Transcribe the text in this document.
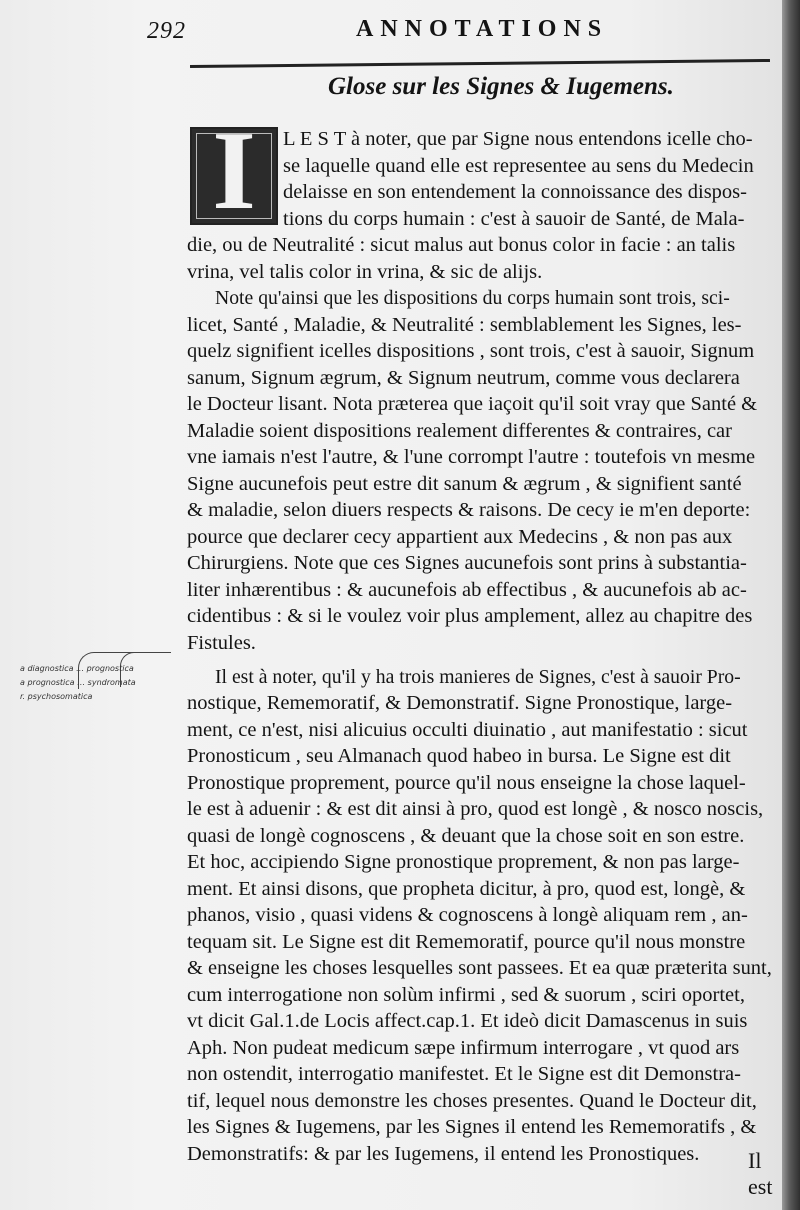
292	ANNOTATIONS
Glose sur les Signes & Iugemens.
I	L E S T à noter, que par Signe nous entendons icelle cho-
se laquelle quand elle est representee au sens du Medecin
delaisse en son entendement la connoissance des dispos-
tions du corps humain : c'est à sauoir de Santé, de Mala-
die, ou de Neutralité : sicut malus aut bonus color in facie : an talis
vrina, vel talis color in vrina, & sic de alijs.
Note qu'ainsi que les dispositions du corps humain sont trois, sci-
licet, Santé , Maladie, & Neutralité : semblablement les Signes, les-
quelz signifient icelles dispositions , sont trois, c'est à sauoir, Signum
sanum, Signum ægrum, & Signum neutrum, comme vous declarera
le Docteur lisant. Nota præterea que iaçoit qu'il soit vray que Santé &
Maladie soient dispositions realement differentes & contraires, car
vne iamais n'est l'autre, & l'une corrompt l'autre : toutefois vn mesme
Signe aucunefois peut estre dit sanum & ægrum , & signifient santé
& maladie, selon diuers respects & raisons. De cecy ie m'en deporte:
pource que declarer cecy appartient aux Medecins , & non pas aux
Chirurgiens. Note que ces Signes aucunefois sont prins à substantia-
liter inhærentibus : & aucunefois ab effectibus , & aucunefois ab ac-
cidentibus : & si le voulez voir plus amplement, allez au chapitre des
Fistules.
Il est à noter, qu'il y ha trois manieres de Signes, c'est à sauoir Pro-
nostique, Rememoratif, & Demonstratif. Signe Pronostique, large-
ment, ce n'est, nisi alicuius occulti diuinatio , aut manifestatio : sicut
Pronosticum , seu Almanach quod habeo in bursa. Le Signe est dit
Pronostique proprement, pource qu'il nous enseigne la chose laquel-
le est à aduenir : & est dit ainsi à pro, quod est longè , & nosco noscis,
quasi de longè cognoscens , & deuant que la chose soit en son estre.
Et hoc, accipiendo Signe pronostique proprement, & non pas large-
ment. Et ainsi disons, que propheta dicitur, à pro, quod est, longè, &
phanos, visio , quasi videns & cognoscens à longè aliquam rem , an-
tequam sit. Le Signe est dit Rememoratif, pource qu'il nous monstre
& enseigne les choses lesquelles sont passees. Et ea quæ præterita sunt,
cum interrogatione non solùm infirmi , sed & suorum , sciri oportet,
vt dicit Gal.1.de Locis affect.cap.1. Et ideò dicit Damascenus in suis
Aph. Non pudeat medicum sæpe infirmum interrogare , vt quod ars
non ostendit, interrogatio manifestet. Et le Signe est dit Demonstra-
tif, lequel nous demonstre les choses presentes. Quand le Docteur dit,
les Signes & Iugemens, par les Signes il entend les Rememoratifs , &
Demonstratifs: & par les Iugemens, il entend les Pronostiques.
a diagnostica … prognostica
a prognostica … syndromata
r. psychosomatica
Il est
